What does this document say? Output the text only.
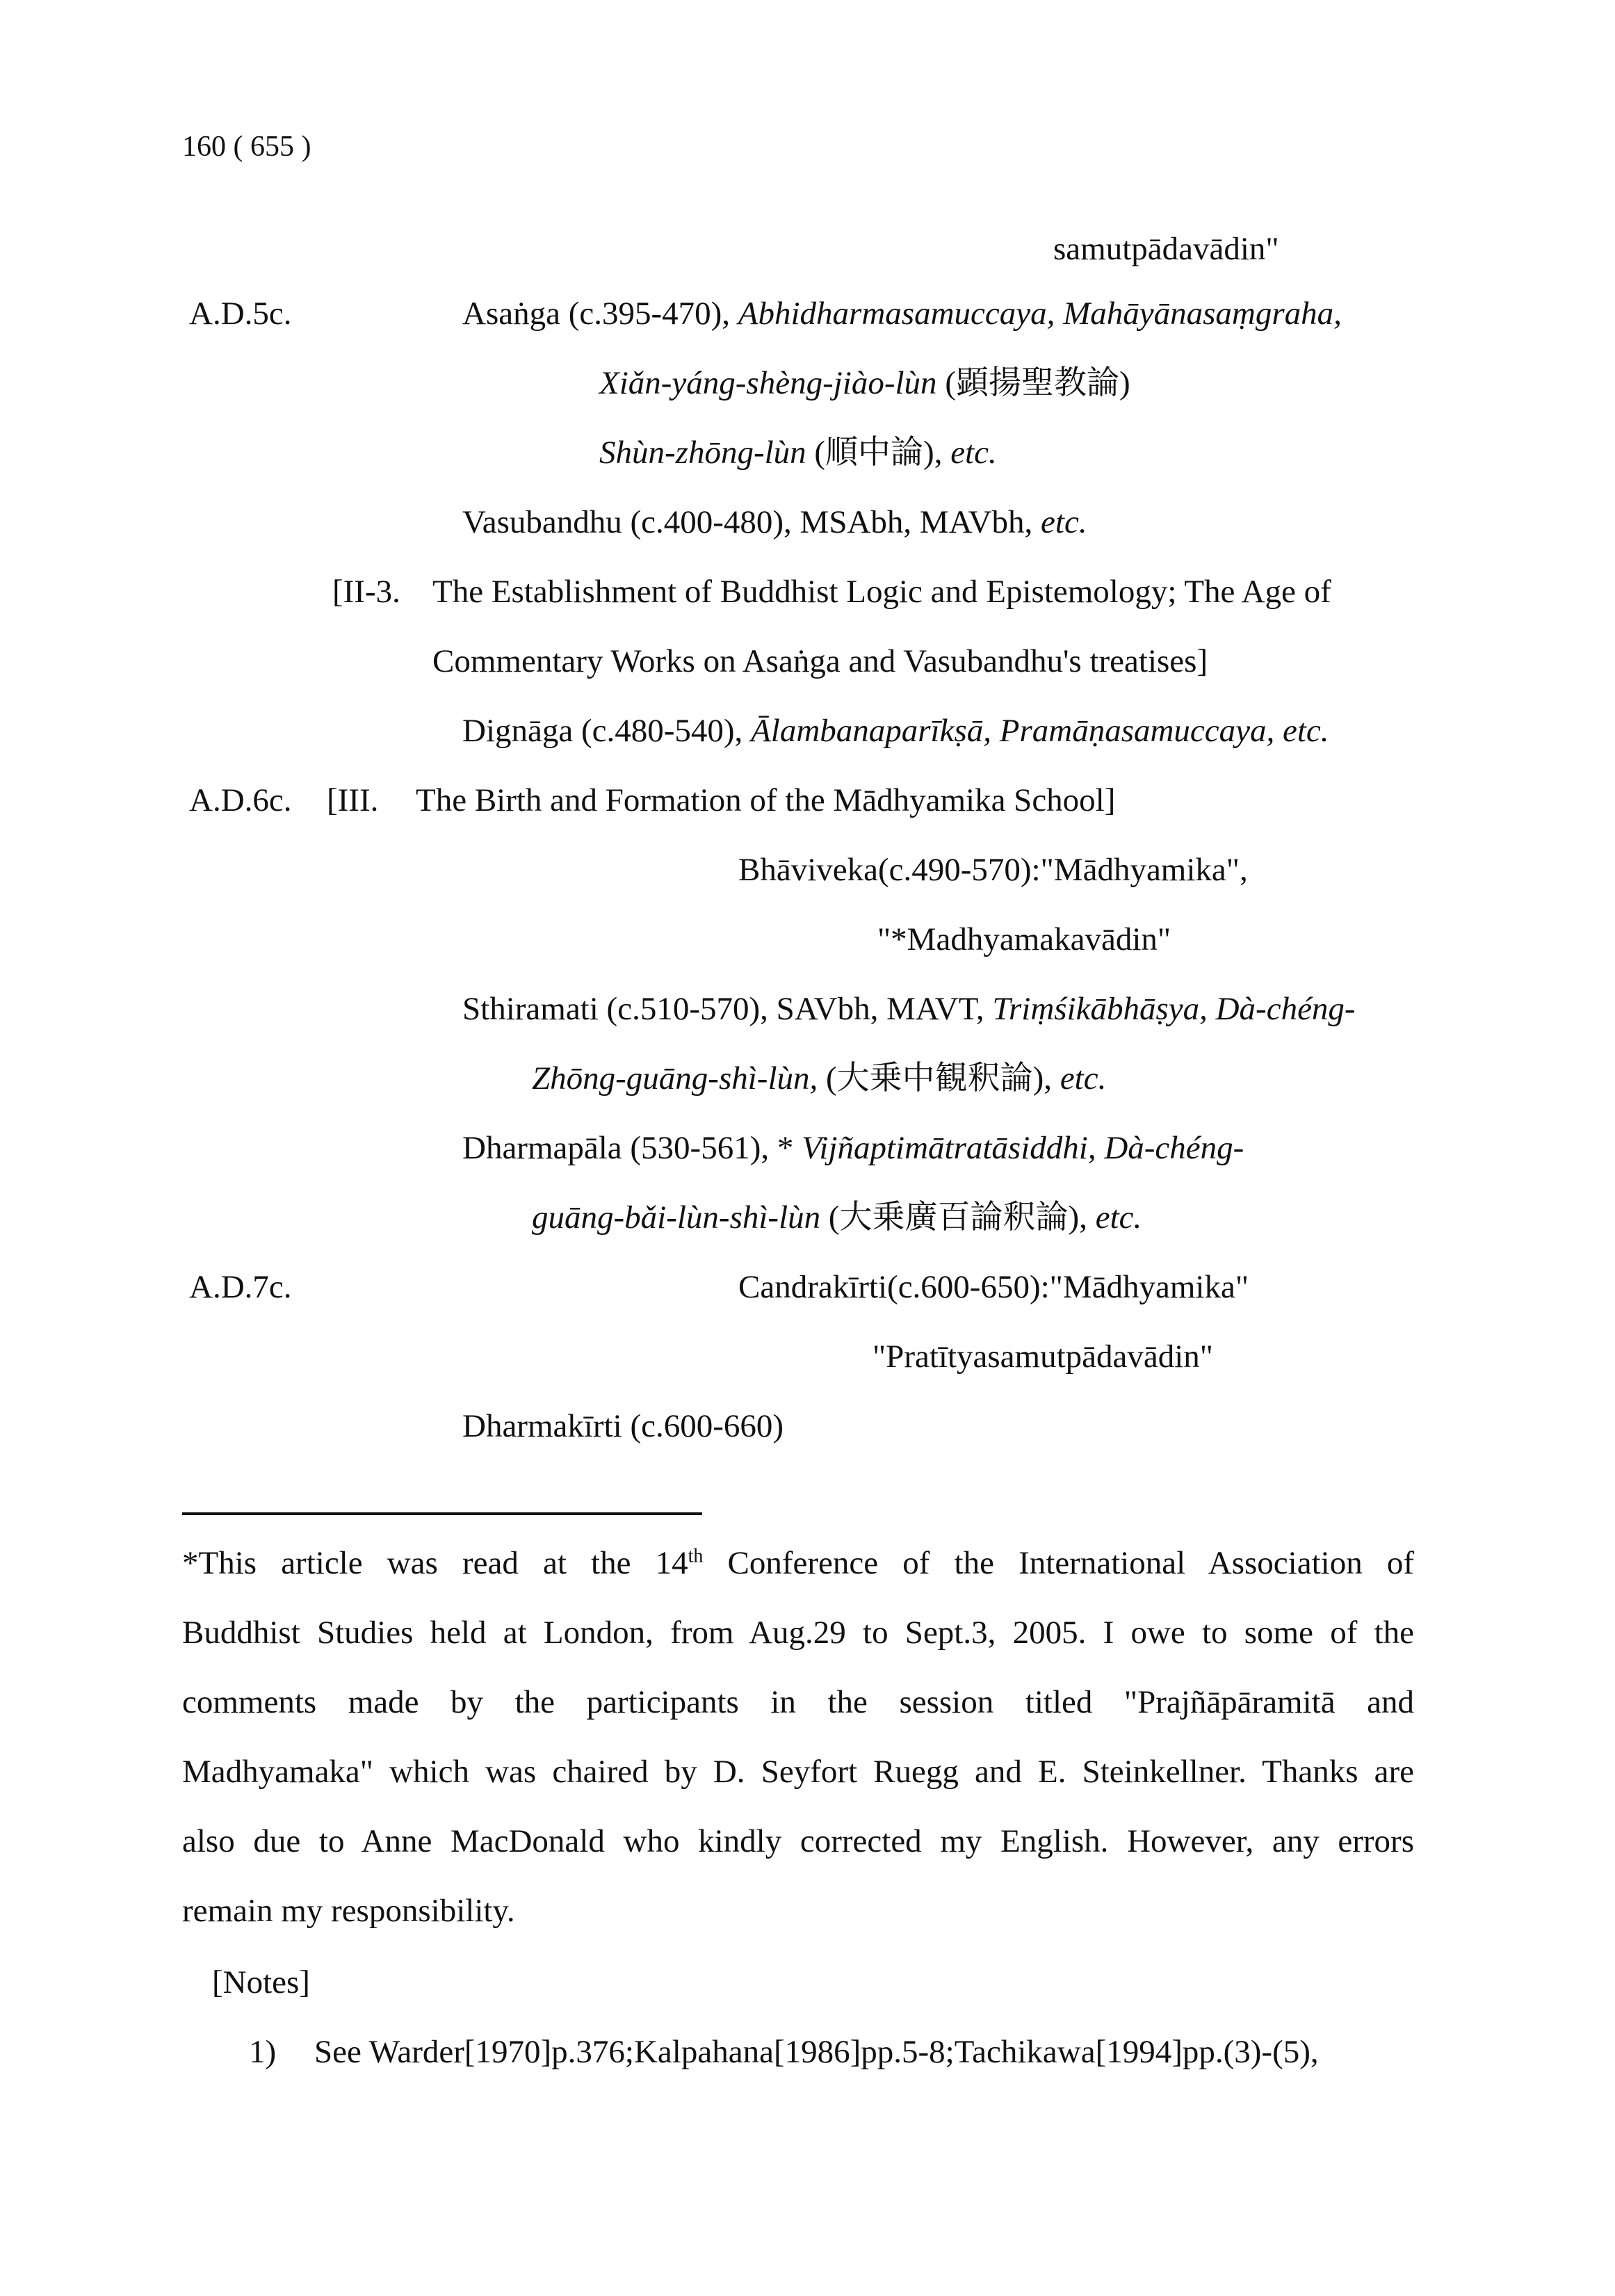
160 ( 655 )
samutpādavādin"
A.D.5c.	Asaṅga (c.395-470), Abhidharmasamuccaya, Mahāyānasaṃgraha,
Xiǎn-yáng-shèng-jiào-lùn (顕揚聖教論)
Shùn-zhōng-lùn (順中論), etc.
Vasubandhu (c.400-480), MSAbh, MAVbh, etc.
[II-3. The Establishment of Buddhist Logic and Epistemology; The Age of
Commentary Works on Asaṅga and Vasubandhu's treatises]
Dignāga (c.480-540), Ālambanaparīkṣā, Pramāṇasamuccaya, etc.
A.D.6c. [III. The Birth and Formation of the Mādhyamika School]
Bhāviveka(c.490-570):"Mādhyamika",
"*Madhyamakavādin"
Sthiramati (c.510-570), SAVbh, MAVT, Triṃśikābhāṣya, Dà-chéng-
Zhōng-guāng-shì-lùn, (大乗中観釈論), etc.
Dharmapāla (530-561), * Vijñaptimātratāsiddhi, Dà-chéng-
guāng-bǎi-lùn-shì-lùn (大乗廣百論釈論), etc.
A.D.7c.	Candrakīrti(c.600-650):"Mādhyamika"
"Pratītyasamutpādavādin"
Dharmakīrti (c.600-660)
*This article was read at the 14th Conference of the International Association of
Buddhist Studies held at London, from Aug.29 to Sept.3, 2005. I owe to some of the
comments made by the participants in the session titled "Prajñāpāramitā and
Madhyamaka" which was chaired by D. Seyfort Ruegg and E. Steinkellner. Thanks are
also due to Anne MacDonald who kindly corrected my English. However, any errors
remain my responsibility.
[Notes]
1) See Warder[1970]p.376;Kalpahana[1986]pp.5-8;Tachikawa[1994]pp.(3)-(5),
